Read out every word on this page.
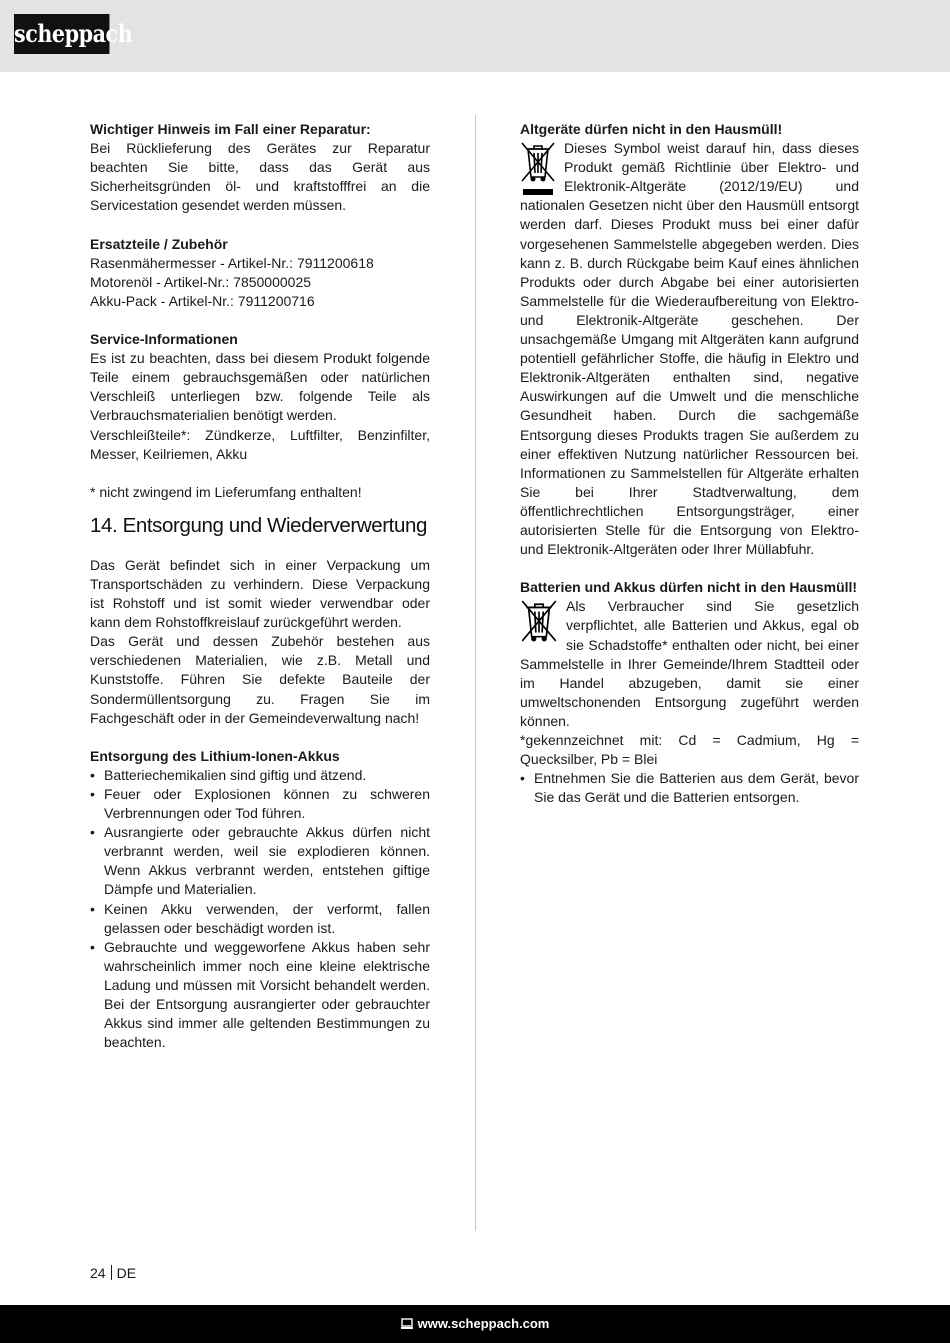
scheppach

Wichtiger Hinweis im Fall einer Reparatur:

Bei Rücklieferung des Gerätes zur Reparatur beachten Sie bitte, dass das Gerät aus Sicherheitsgründen öl- und kraftstofffrei an die Servicestation gesendet werden müssen.

Ersatzteile / Zubehör

Rasenmähermesser - Artikel-Nr.: 7911200618

Motorenöl - Artikel-Nr.: 7850000025

Akku-Pack - Artikel-Nr.: 7911200716

Service-Informationen

Es ist zu beachten, dass bei diesem Produkt folgende Teile einem gebrauchsgemäßen oder natürlichen Verschleiß unterliegen bzw. folgende Teile als Verbrauchsmaterialien benötigt werden.

Verschleißteile*: Zündkerze, Luftfilter, Benzinfilter, Messer, Keilriemen, Akku

* nicht zwingend im Lieferumfang enthalten!

14. Entsorgung und Wiederverwertung

Das Gerät befindet sich in einer Verpackung um Transportschäden zu verhindern. Diese Verpackung ist Rohstoff und ist somit wieder verwendbar oder kann dem Rohstoffkreislauf zurückgeführt werden.

Das Gerät und dessen Zubehör bestehen aus verschiedenen Materialien, wie z.B. Metall und Kunststoffe. Führen Sie defekte Bauteile der Sondermüllentsorgung zu. Fragen Sie im Fachgeschäft oder in der Gemeindeverwaltung nach!

Entsorgung des Lithium-Ionen-Akkus

• Batteriechemikalien sind giftig und ätzend.
• Feuer oder Explosionen können zu schweren Verbrennungen oder Tod führen.
• Ausrangierte oder gebrauchte Akkus dürfen nicht verbrannt werden, weil sie explodieren können. Wenn Akkus verbrannt werden, entstehen giftige Dämpfe und Materialien.
• Keinen Akku verwenden, der verformt, fallen gelassen oder beschädigt worden ist.
• Gebrauchte und weggeworfene Akkus haben sehr wahrscheinlich immer noch eine kleine elektrische Ladung und müssen mit Vorsicht behandelt werden. Bei der Entsorgung ausrangierter oder gebrauchter Akkus sind immer alle geltenden Bestimmungen zu beachten.

Altgeräte dürfen nicht in den Hausmüll!

Dieses Symbol weist darauf hin, dass dieses Produkt gemäß Richtlinie über Elektro- und Elektronik-Altgeräte (2012/19/EU) und nationalen Gesetzen nicht über den Hausmüll entsorgt werden darf. Dieses Produkt muss bei einer dafür vorgesehenen Sammelstelle abgegeben werden. Dies kann z. B. durch Rückgabe beim Kauf eines ähnlichen Produkts oder durch Abgabe bei einer autorisierten Sammelstelle für die Wiederaufbereitung von Elektro- und Elektronik-Altgeräte geschehen. Der unsachgemäße Umgang mit Altgeräten kann aufgrund potentiell gefährlicher Stoffe, die häufig in Elektro und Elektronik-Altgeräten enthalten sind, negative Auswirkungen auf die Umwelt und die menschliche Gesundheit haben. Durch die sachgemäße Entsorgung dieses Produkts tragen Sie außerdem zu einer effektiven Nutzung natürlicher Ressourcen bei. Informationen zu Sammelstellen für Altgeräte erhalten Sie bei Ihrer Stadtverwaltung, dem öffentlichrechtlichen Entsorgungsträger, einer autorisierten Stelle für die Entsorgung von Elektro- und Elektronik-Altgeräten oder Ihrer Müllabfuhr.

Batterien und Akkus dürfen nicht in den Hausmüll!

Als Verbraucher sind Sie gesetzlich verpflichtet, alle Batterien und Akkus, egal ob sie Schadstoffe* enthalten oder nicht, bei einer Sammelstelle in Ihrer Gemeinde/Ihrem Stadtteil oder im Handel abzugeben, damit sie einer umweltschonenden Entsorgung zugeführt werden können.

*gekennzeichnet mit: Cd = Cadmium, Hg = Quecksilber, Pb = Blei

• Entnehmen Sie die Batterien aus dem Gerät, bevor Sie das Gerät und die Batterien entsorgen.
24 DE
www.scheppach.com
